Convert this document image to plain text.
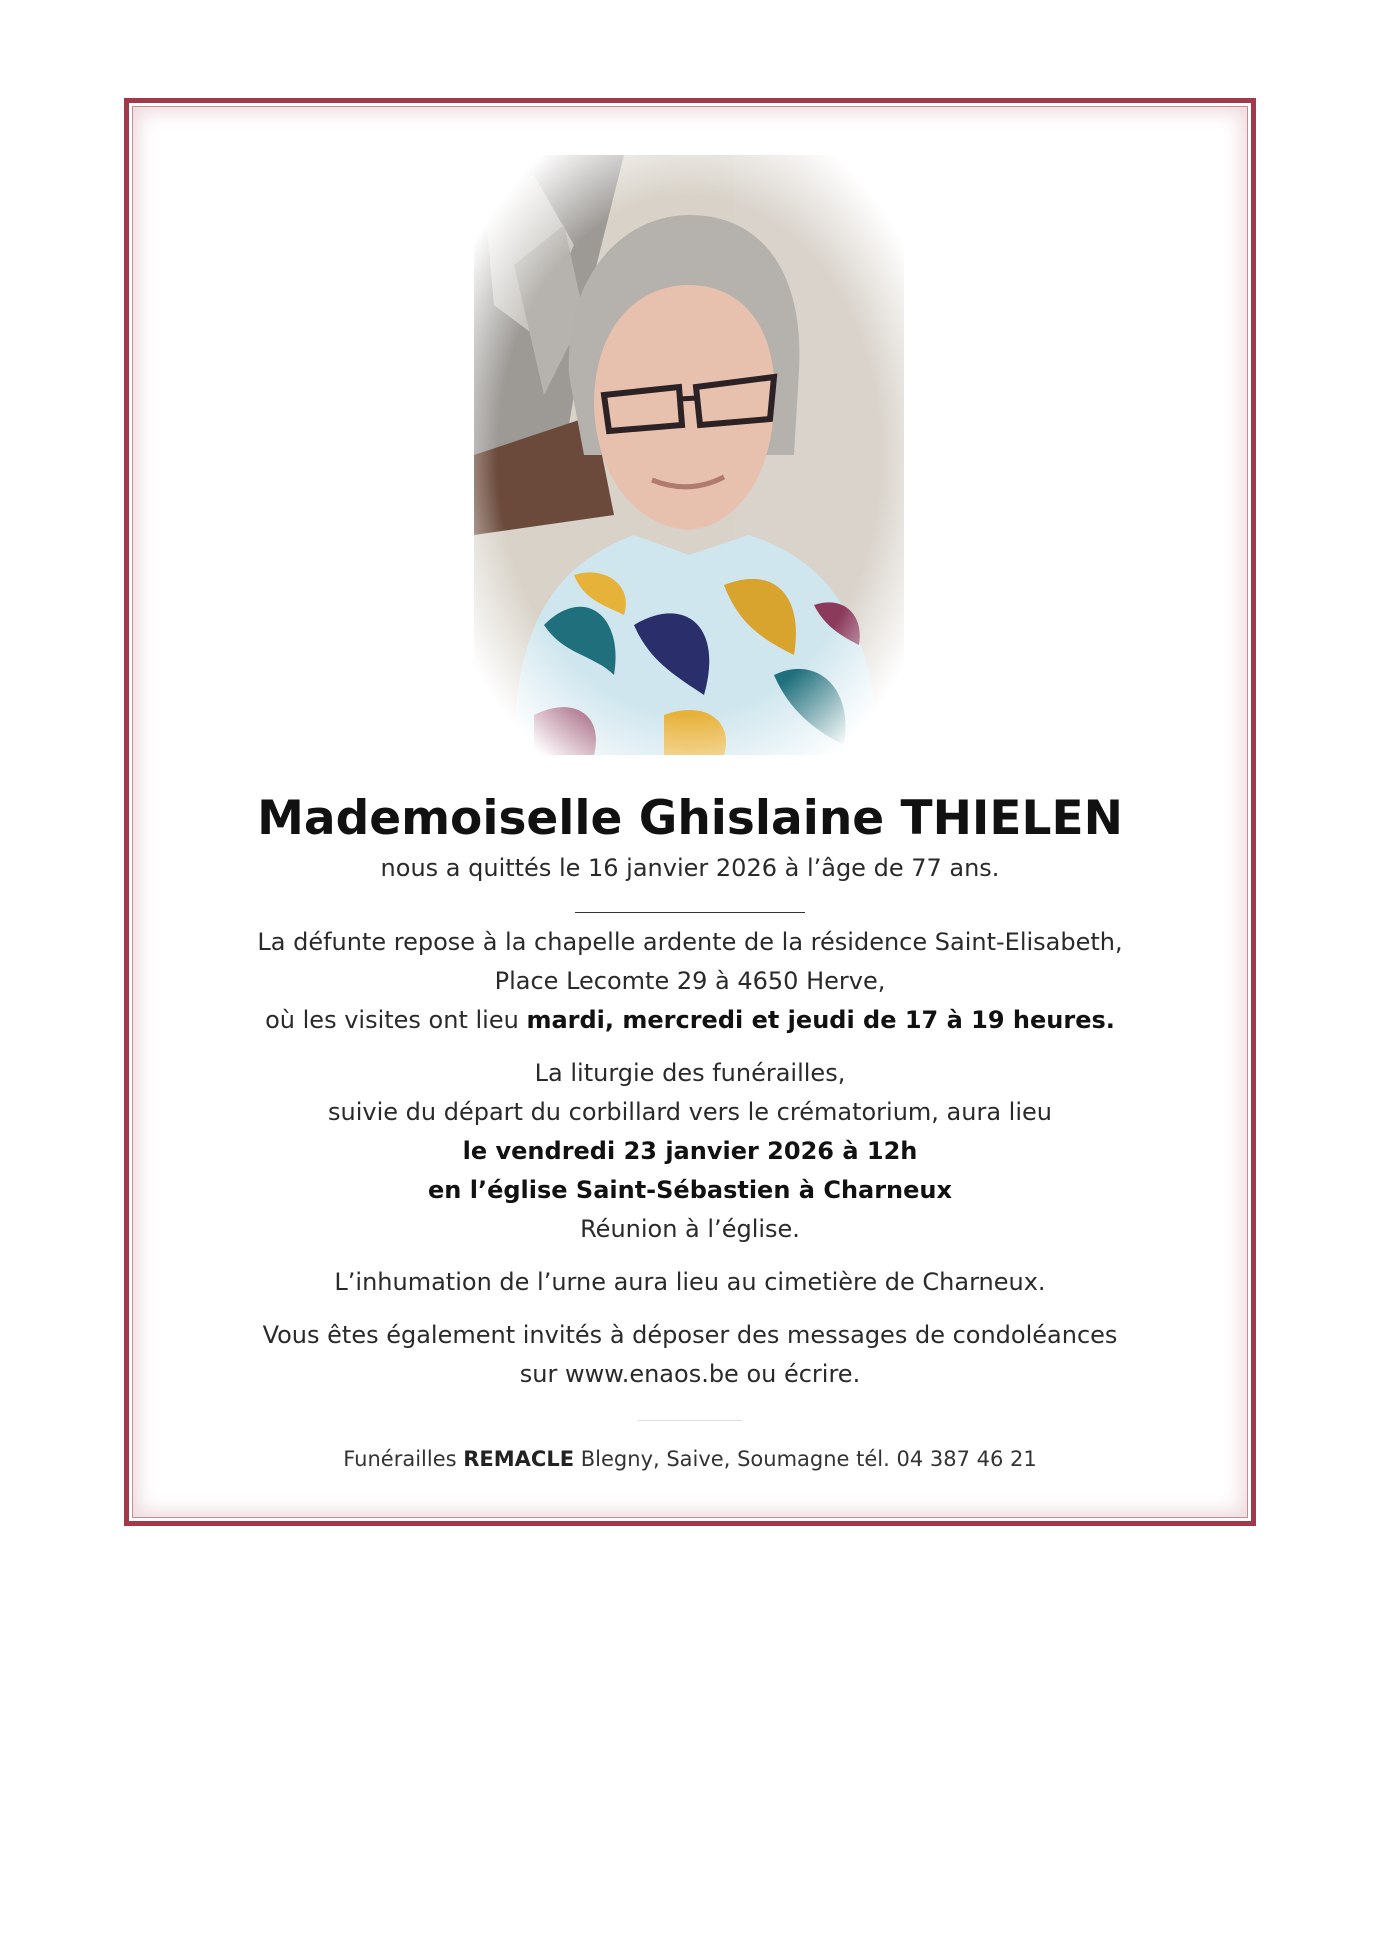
Mademoiselle Ghislaine THIELEN

nous a quittés le 16 janvier 2026 à l’âge de 77 ans.

La défunte repose à la chapelle ardente de la résidence Saint-Elisabeth,

Place Lecomte 29 à 4650 Herve,

où les visites ont lieu mardi, mercredi et jeudi de 17 à 19 heures.

La liturgie des funérailles,

suivie du départ du corbillard vers le crématorium, aura lieu

le vendredi 23 janvier 2026 à 12h

en l’église Saint-Sébastien à Charneux

Réunion à l’église.

L’inhumation de l’urne aura lieu au cimetière de Charneux.

Vous êtes également invités à déposer des messages de condoléances

sur www.enaos.be ou écrire.

Funérailles REMACLE Blegny, Saive, Soumagne tél. 04 387 46 21
